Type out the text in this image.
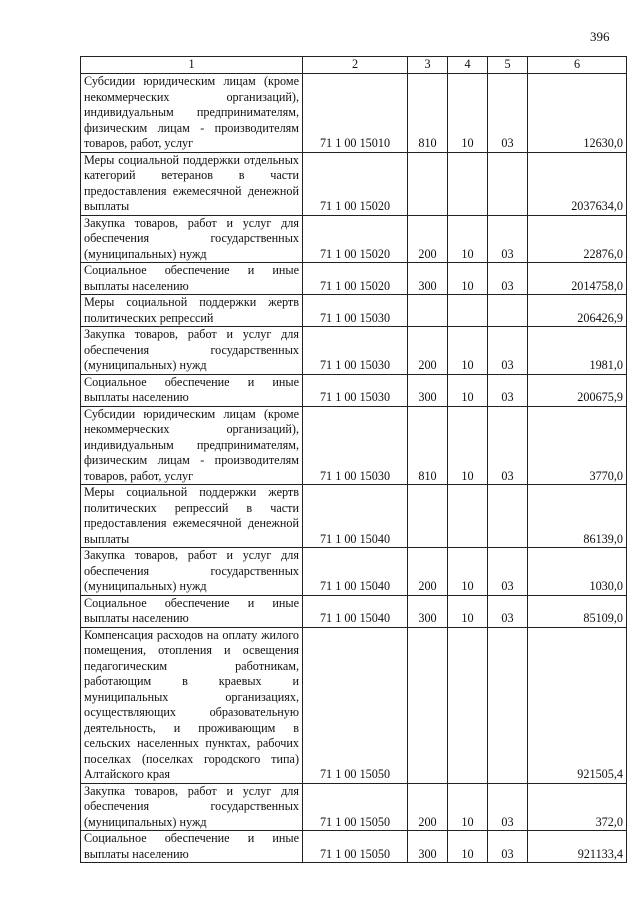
396
1	2	3	4	5	6
Субсидии юридическим лицам (кроме некоммерческих организаций), индивидуальным предпринимателям, физическим лицам - производителям товаров, работ, услуг	71 1 00 15010	810	10	03	12630,0
Меры социальной поддержки отдельных категорий ветеранов в части предоставления ежемесячной денежной выплаты	71 1 00 15020				2037634,0
Закупка товаров, работ и услуг для обеспечения государственных (муниципальных) нужд	71 1 00 15020	200	10	03	22876,0
Социальное обеспечение и иные выплаты населению	71 1 00 15020	300	10	03	2014758,0
Меры социальной поддержки жертв политических репрессий	71 1 00 15030				206426,9
Закупка товаров, работ и услуг для обеспечения государственных (муниципальных) нужд	71 1 00 15030	200	10	03	1981,0
Социальное обеспечение и иные выплаты населению	71 1 00 15030	300	10	03	200675,9
Субсидии юридическим лицам (кроме некоммерческих организаций), индивидуальным предпринимателям, физическим лицам - производителям товаров, работ, услуг	71 1 00 15030	810	10	03	3770,0
Меры социальной поддержки жертв политических репрессий в части предоставления ежемесячной денежной выплаты	71 1 00 15040				86139,0
Закупка товаров, работ и услуг для обеспечения государственных (муниципальных) нужд	71 1 00 15040	200	10	03	1030,0
Социальное обеспечение и иные выплаты населению	71 1 00 15040	300	10	03	85109,0
Компенсация расходов на оплату жилого помещения, отопления и освещения педагогическим работникам, работающим в краевых и муниципальных организациях, осуществляющих образовательную деятельность, и проживающим в сельских населенных пунктах, рабочих поселках (поселках городского типа) Алтайского края	71 1 00 15050				921505,4
Закупка товаров, работ и услуг для обеспечения государственных (муниципальных) нужд	71 1 00 15050	200	10	03	372,0
Социальное обеспечение и иные выплаты населению	71 1 00 15050	300	10	03	921133,4
